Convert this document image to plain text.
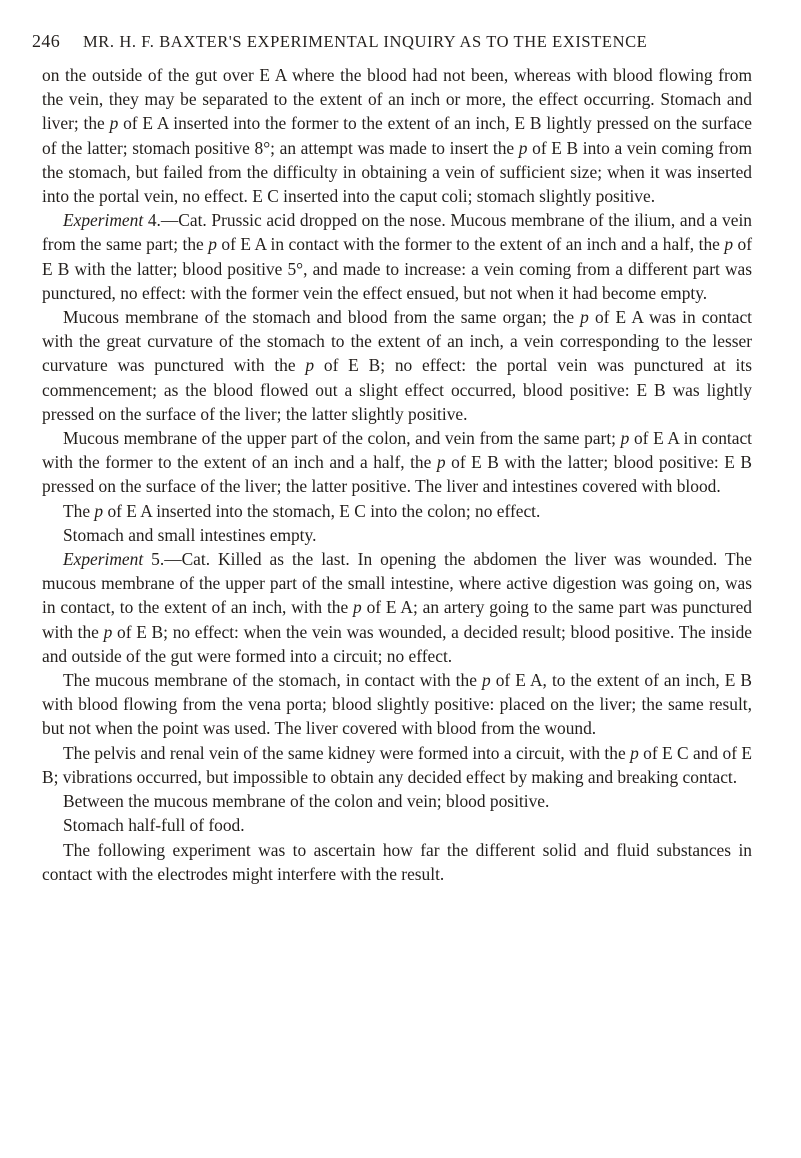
246 MR. H. F. BAXTER'S EXPERIMENTAL INQUIRY AS TO THE EXISTENCE

on the outside of the gut over E A where the blood had not been, whereas with blood flowing from the vein, they may be separated to the extent of an inch or more, the effect occurring. Stomach and liver; the p of E A inserted into the former to the extent of an inch, E B lightly pressed on the surface of the latter; stomach positive 8°; an attempt was made to insert the p of E B into a vein coming from the stomach, but failed from the difficulty in obtaining a vein of sufficient size; when it was inserted into the portal vein, no effect. E C inserted into the caput coli; stomach slightly positive.

Experiment 4.—Cat. Prussic acid dropped on the nose. Mucous membrane of the ilium, and a vein from the same part; the p of E A in contact with the former to the extent of an inch and a half, the p of E B with the latter; blood positive 5°, and made to increase: a vein coming from a different part was punctured, no effect: with the former vein the effect ensued, but not when it had become empty.

Mucous membrane of the stomach and blood from the same organ; the p of E A was in contact with the great curvature of the stomach to the extent of an inch, a vein corresponding to the lesser curvature was punctured with the p of E B; no effect: the portal vein was punctured at its commencement; as the blood flowed out a slight effect occurred, blood positive: E B was lightly pressed on the surface of the liver; the latter slightly positive.

Mucous membrane of the upper part of the colon, and vein from the same part; p of E A in contact with the former to the extent of an inch and a half, the p of E B with the latter; blood positive: E B pressed on the surface of the liver; the latter positive. The liver and intestines covered with blood.

The p of E A inserted into the stomach, E C into the colon; no effect.

Stomach and small intestines empty.

Experiment 5.—Cat. Killed as the last. In opening the abdomen the liver was wounded. The mucous membrane of the upper part of the small intestine, where active digestion was going on, was in contact, to the extent of an inch, with the p of E A; an artery going to the same part was punctured with the p of E B; no effect: when the vein was wounded, a decided result; blood positive. The inside and outside of the gut were formed into a circuit; no effect.

The mucous membrane of the stomach, in contact with the p of E A, to the extent of an inch, E B with blood flowing from the vena porta; blood slightly positive: placed on the liver; the same result, but not when the point was used. The liver covered with blood from the wound.

The pelvis and renal vein of the same kidney were formed into a circuit, with the p of E C and of E B; vibrations occurred, but impossible to obtain any decided effect by making and breaking contact.

Between the mucous membrane of the colon and vein; blood positive.

Stomach half-full of food.

The following experiment was to ascertain how far the different solid and fluid substances in contact with the electrodes might interfere with the result.
